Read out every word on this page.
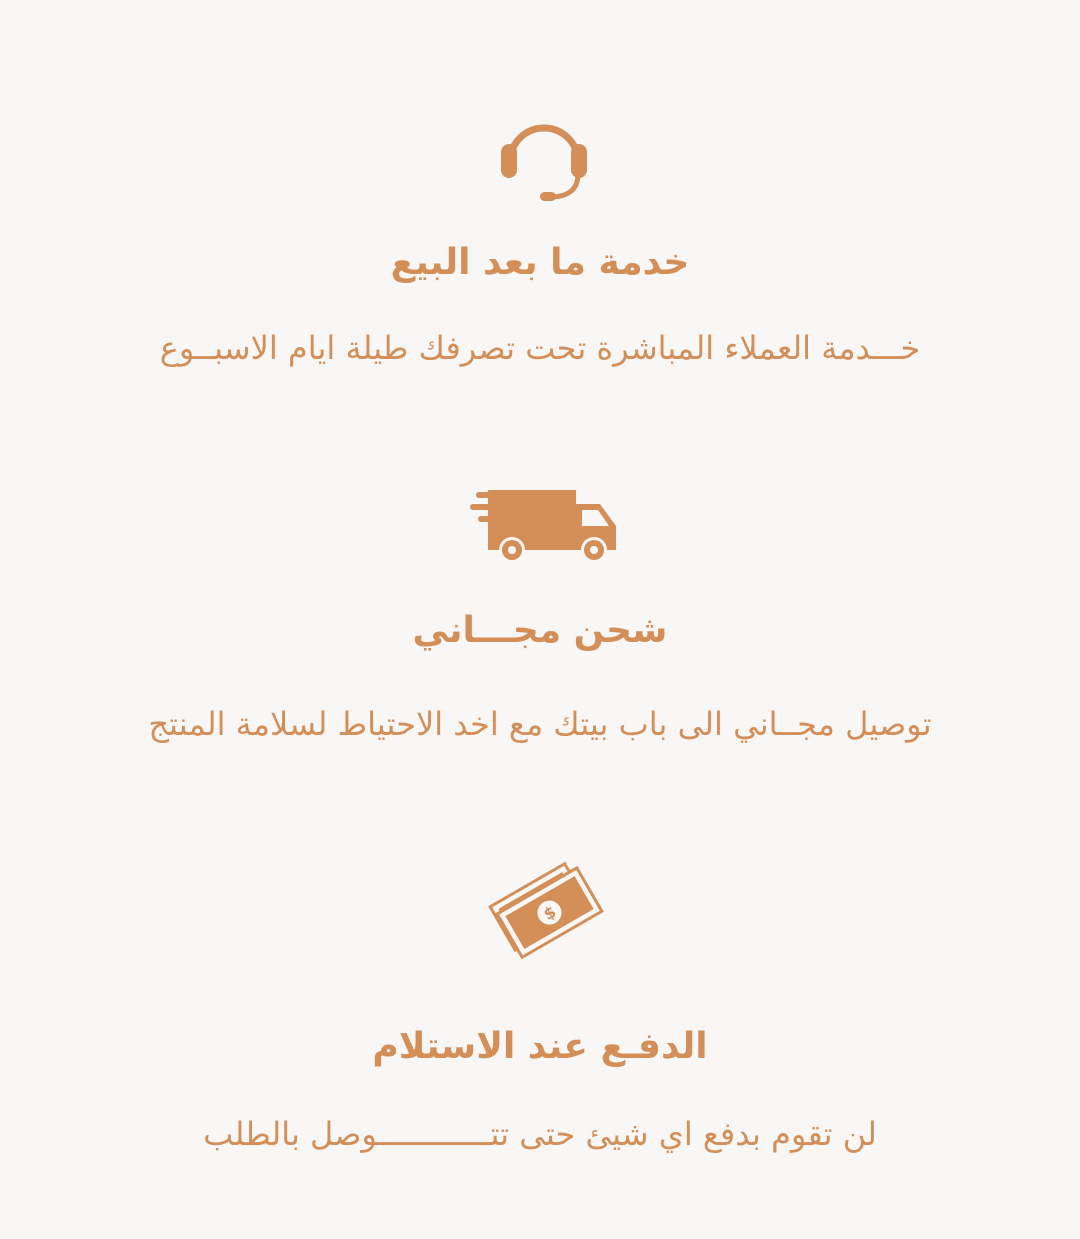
خدمة ما بعد البيع
خـــدمة العملاء المباشرة تحت تصرفك طيلة ايام الاسبــوع
شحن مجـــاني
توصيل مجــاني الى باب بيتك مع اخد الاحتياط لسلامة المنتج
$
الدفـع عند الاستلام
لن تقوم بدفع اي شيئ حتى تتــــــــــــوصل بالطلب
